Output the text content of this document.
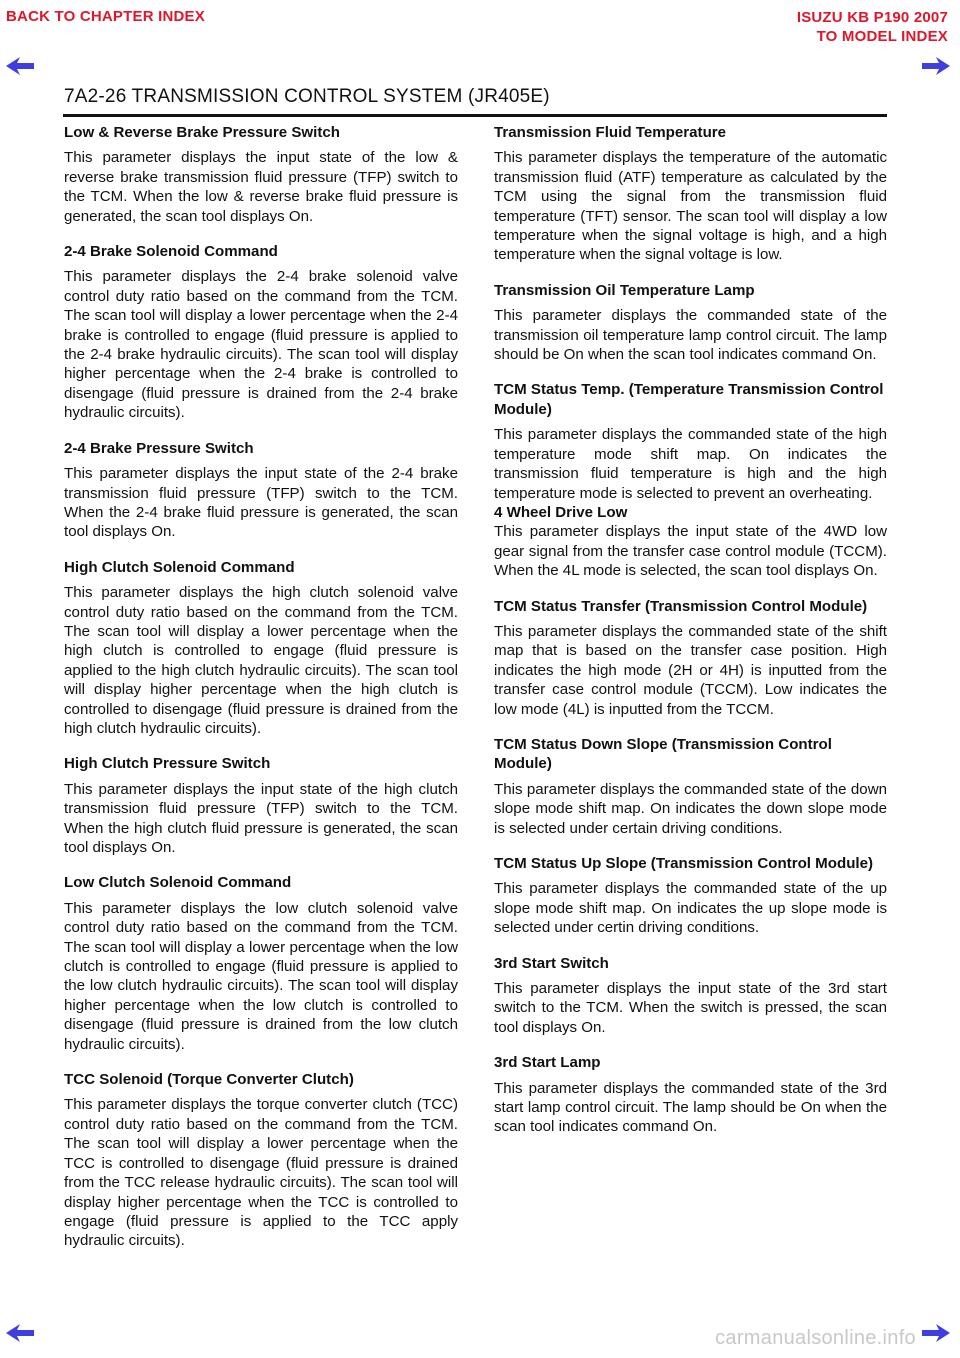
BACK TO CHAPTER INDEX	ISUZU KB P190 2007
TO MODEL INDEX
7A2-26 TRANSMISSION CONTROL SYSTEM (JR405E)
Low & Reverse Brake Pressure Switch

This parameter displays the input state of the low & reverse brake transmission fluid pressure (TFP) switch to the TCM. When the low & reverse brake fluid pressure is generated, the scan tool displays On.

2-4 Brake Solenoid Command

This parameter displays the 2-4 brake solenoid valve control duty ratio based on the command from the TCM. The scan tool will display a lower percentage when the 2-4 brake is controlled to engage (fluid pressure is applied to the 2-4 brake hydraulic circuits). The scan tool will display higher percentage when the 2-4 brake is controlled to disengage (fluid pressure is drained from the 2-4 brake hydraulic circuits).

2-4 Brake Pressure Switch

This parameter displays the input state of the 2-4 brake transmission fluid pressure (TFP) switch to the TCM. When the 2-4 brake fluid pressure is generated, the scan tool displays On.

High Clutch Solenoid Command

This parameter displays the high clutch solenoid valve control duty ratio based on the command from the TCM. The scan tool will display a lower percentage when the high clutch is controlled to engage (fluid pressure is applied to the high clutch hydraulic circuits). The scan tool will display higher percentage when the high clutch is controlled to disengage (fluid pressure is drained from the high clutch hydraulic circuits).

High Clutch Pressure Switch

This parameter displays the input state of the high clutch transmission fluid pressure (TFP) switch to the TCM. When the high clutch fluid pressure is generated, the scan tool displays On.

Low Clutch Solenoid Command

This parameter displays the low clutch solenoid valve control duty ratio based on the command from the TCM. The scan tool will display a lower percentage when the low clutch is controlled to engage (fluid pressure is applied to the low clutch hydraulic circuits). The scan tool will display higher percentage when the low clutch is controlled to disengage (fluid pressure is drained from the low clutch hydraulic circuits).

TCC Solenoid (Torque Converter Clutch)

This parameter displays the torque converter clutch (TCC) control duty ratio based on the command from the TCM. The scan tool will display a lower percentage when the TCC is controlled to disengage (fluid pressure is drained from the TCC release hydraulic circuits). The scan tool will display higher percentage when the TCC is controlled to engage (fluid pressure is applied to the TCC apply hydraulic circuits).

Transmission Fluid Temperature

This parameter displays the temperature of the automatic transmission fluid (ATF) temperature as calculated by the TCM using the signal from the transmission fluid temperature (TFT) sensor. The scan tool will display a low temperature when the signal voltage is high, and a high temperature when the signal voltage is low.

Transmission Oil Temperature Lamp

This parameter displays the commanded state of the transmission oil temperature lamp control circuit. The lamp should be On when the scan tool indicates command On.

TCM Status Temp. (Temperature Transmission Control Module)

This parameter displays the commanded state of the high temperature mode shift map. On indicates the transmission fluid temperature is high and the high temperature mode is selected to prevent an overheating.

4 Wheel Drive Low

This parameter displays the input state of the 4WD low gear signal from the transfer case control module (TCCM). When the 4L mode is selected, the scan tool displays On.

TCM Status Transfer (Transmission Control Module)

This parameter displays the commanded state of the shift map that is based on the transfer case position. High indicates the high mode (2H or 4H) is inputted from the transfer case control module (TCCM). Low indicates the low mode (4L) is inputted from the TCCM.

TCM Status Down Slope (Transmission Control Module)

This parameter displays the commanded state of the down slope mode shift map. On indicates the down slope mode is selected under certain driving conditions.

TCM Status Up Slope (Transmission Control Module)

This parameter displays the commanded state of the up slope mode shift map. On indicates the up slope mode is selected under certin driving conditions.

3rd Start Switch

This parameter displays the input state of the 3rd start switch to the TCM. When the switch is pressed, the scan tool displays On.

3rd Start Lamp

This parameter displays the commanded state of the 3rd start lamp control circuit. The lamp should be On when the scan tool indicates command On.

carmanualsonline.info
